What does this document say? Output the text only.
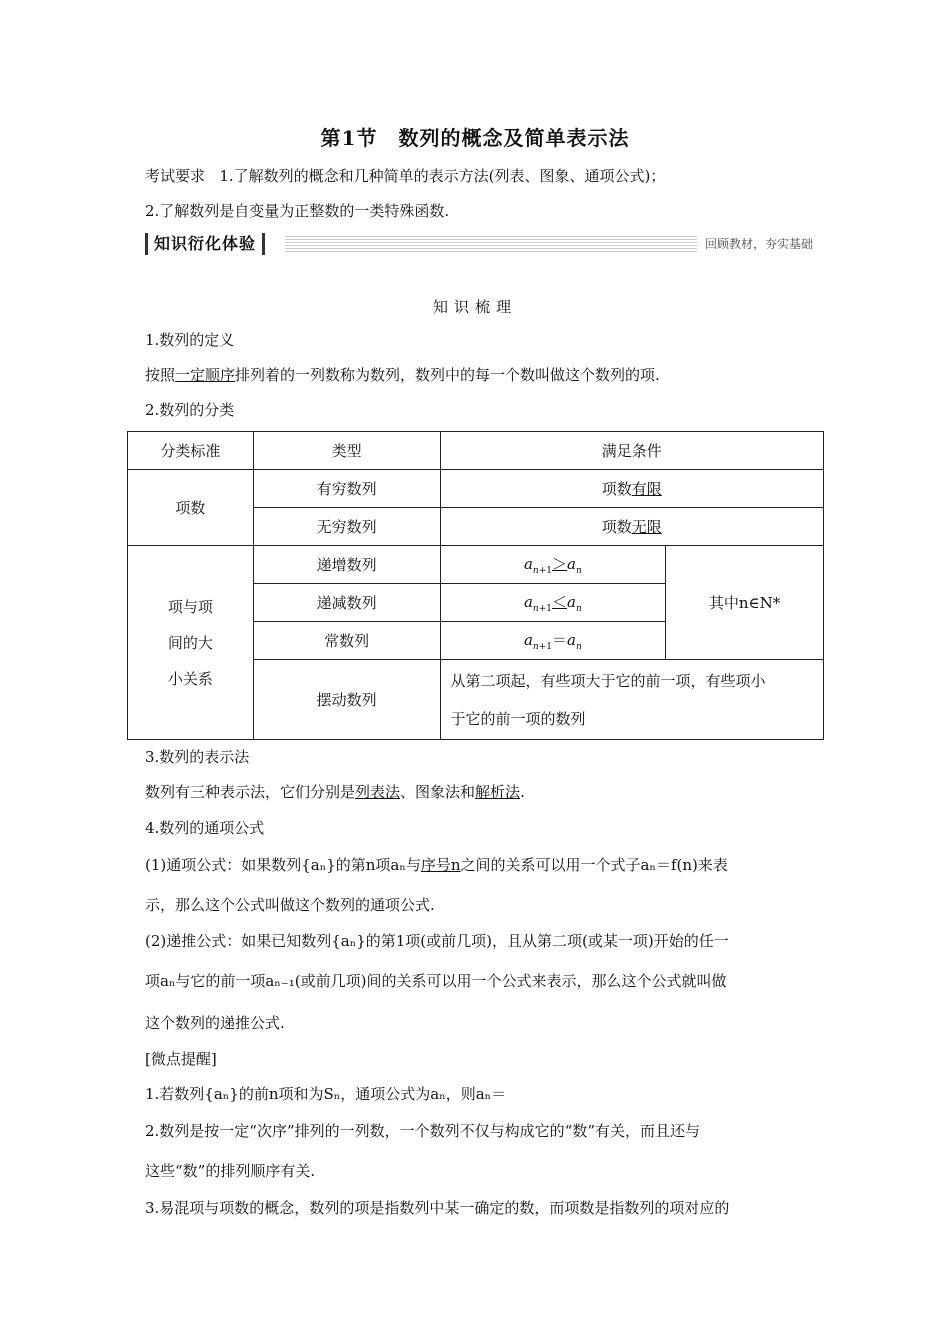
第1节　数列的概念及简单表示法
考试要求 1.了解数列的概念和几种简单的表示方法(列表、图象、通项公式)；
2.了解数列是自变量为正整数的一类特殊函数.
知识衍化体验	回顾教材，夯实基础
知识梳理
1.数列的定义
按照一定顺序排列着的一列数称为数列，数列中的每一个数叫做这个数列的项.
2.数列的分类
分类标准	类型	满足条件	
项数	有穷数列	项数有限	
	无穷数列	项数无限	

项与项
间的大
小关系	递增数列	$a_{n+1}>a_n$	其中n∈N*
	递减数列	$a_{n+1}<a_n$
	常数列	$a_{n+1}=a_n$
	摆动数列	从第二项起，有些项大于它的前一项，有些项小
于它的前一项的数列	
3.数列的表示法
数列有三种表示法，它们分别是列表法、图象法和解析法.
4.数列的通项公式
(1)通项公式：如果数列{aₙ}的第n项aₙ与序号n之间的关系可以用一个式子aₙ＝f(n)来表
示，那么这个公式叫做这个数列的通项公式.
(2)递推公式：如果已知数列{aₙ}的第1项(或前几项)，且从第二项(或某一项)开始的任一
项aₙ与它的前一项aₙ₋₁(或前几项)间的关系可以用一个公式来表示，那么这个公式就叫做
这个数列的递推公式.
[微点提醒]
1.若数列{aₙ}的前n项和为Sₙ，通项公式为aₙ，则aₙ＝
2.数列是按一定“次序”排列的一列数，一个数列不仅与构成它的“数”有关，而且还与
这些“数”的排列顺序有关.
3.易混项与项数的概念，数列的项是指数列中某一确定的数，而项数是指数列的项对应的
